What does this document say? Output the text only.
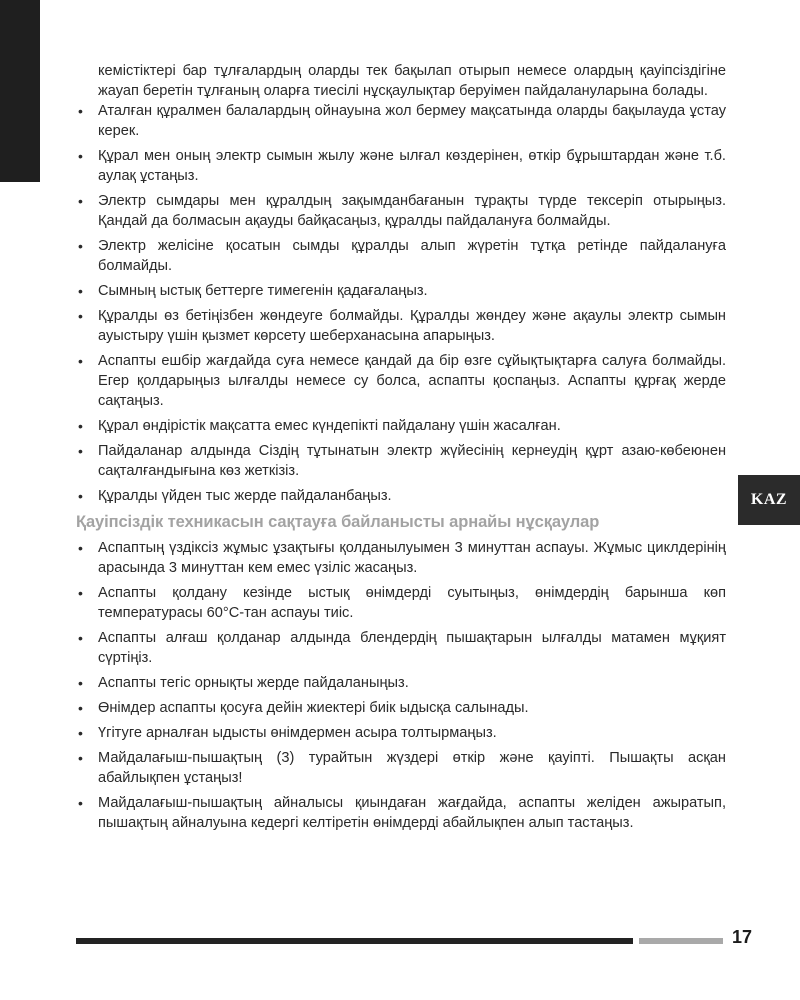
KAZ

кемістіктері бар тұлғалардың оларды тек бақылап отырып немесе олардың қауіпсіздігіне жауап беретін тұлғаның оларға тиесілі нұсқаулықтар беруімен пайдалануларына болады.

• Аталған құралмен балалардың ойнауына жол бермеу мақсатында оларды бақылауда ұстау керек.
• Құрал мен оның электр сымын жылу және ылғал көздерінен, өткір бұрыштардан және т.б. аулақ ұстаңыз.
• Электр сымдары мен құралдың зақымданбағанын тұрақты түрде тексеріп отырыңыз. Қандай да болмасын ақауды байқасаңыз, құралды пайдалануға болмайды.
• Электр желісіне қосатын сымды құралды алып жүретін тұтқа ретінде пайдалануға болмайды.
• Сымның ыстық беттерге тимегенін қадағалаңыз.
• Құралды өз бетіңізбен жөндеуге болмайды. Құралды жөндеу және ақаулы электр сымын ауыстыру үшін қызмет көрсету шеберханасына апарыңыз.
• Аспапты ешбір жағдайда суға немесе қандай да бір өзге сұйықтықтарға салуға болмайды. Егер қолдарыңыз ылғалды немесе су болса, аспапты қоспаңыз. Аспапты құрғақ жерде сақтаңыз.
• Құрал өндірістік мақсатта емес күндепікті пайдалану үшін жасалған.
• Пайдаланар алдында Сіздің тұтынатын электр жүйесінің кернеудің құрт азаю-көбеюнен сақталғандығына көз жеткізіз.
• Құралды үйден тыс жерде пайдаланбаңыз.
Қауіпсіздік техникасын сақтауға байланысты арнайы нұсқаулар
• Аспаптың үздіксіз жұмыс ұзақтығы қолданылуымен 3 минуттан аспауы. Жұмыс циклдерінің арасында 3 минуттан кем емес үзіліс жасаңыз.
• Аспапты қолдану кезінде ыстық өнімдерді суытыңыз, өнімдердің барынша көп температурасы 60°С-тан аспауы тиіс.
• Аспапты алғаш қолданар алдында блендердің пышақтарын ылғалды матамен мұқият сүртіңіз.
• Аспапты тегіс орнықты жерде пайдаланыңыз.
• Өнімдер аспапты қосуға дейін жиектері биік ыдысқа салынады.
• Үгітуге арналған ыдысты өнімдермен асыра толтырмаңыз.
• Майдалағыш-пышақтың (3) турайтын жүздері өткір және қауіпті. Пышақты асқан абайлықпен ұстаңыз!
• Майдалағыш-пышақтың айналысы қиындаған жағдайда, аспапты желіден ажыратып, пышақтың айналуына кедергі келтіретін өнімдерді абайлықпен алып тастаңыз.
17
